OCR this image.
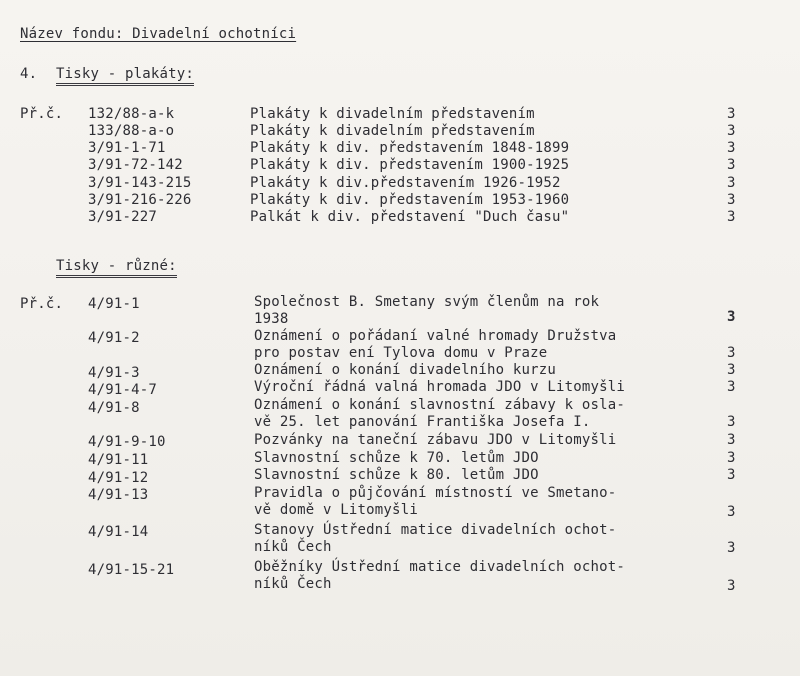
Název fondu: Divadelní ochotníci
4. Tisky - plakáty:
Př.č. 132/88-a-k	Plakáty k divadelním představením	3
133/88-a-o	Plakáty k divadelním představením	3
3/91-1-71	Plakáty k div. představením 1848-1899	3
3/91-72-142	Plakáty k div. představením 1900-1925	3
3/91-143-215	Plakáty k div.představením 1926-1952	3
3/91-216-226	Plakáty k div. představením 1953-1960	3
3/91-227	Palkát k div. představení "Duch času"	3
Tisky - různé:
Př.č. 4/91-1	Společnost B. Smetany svým členům na rok
1938	3
4/91-2	Oznámení o pořádaní valné hromady Družstva
pro postav ení Tylova domu v Praze	3
4/91-3	Oznámení o konání divadelního kurzu	3
4/91-4-7	Výroční řádná valná hromada JDO v Litomyšli	3
4/91-8	Oznámení o konání slavnostní zábavy k osla-
vě 25. let panování Františka Josefa I.	3
4/91-9-10	Pozvánky na taneční zábavu JDO v Litomyšli	3
4/91-11	Slavnostní schůze k 70. letům JDO	3
4/91-12	Slavnostní schůze k 80. letům JDO	3
4/91-13	Pravidla o půjčování místností ve Smetano-
vě domě v Litomyšli	3
4/91-14	Stanovy Ústřední matice divadelních ochot-
níků Čech	3
4/91-15-21	Oběžníky Ústřední matice divadelních ochot-
níků Čech	3
